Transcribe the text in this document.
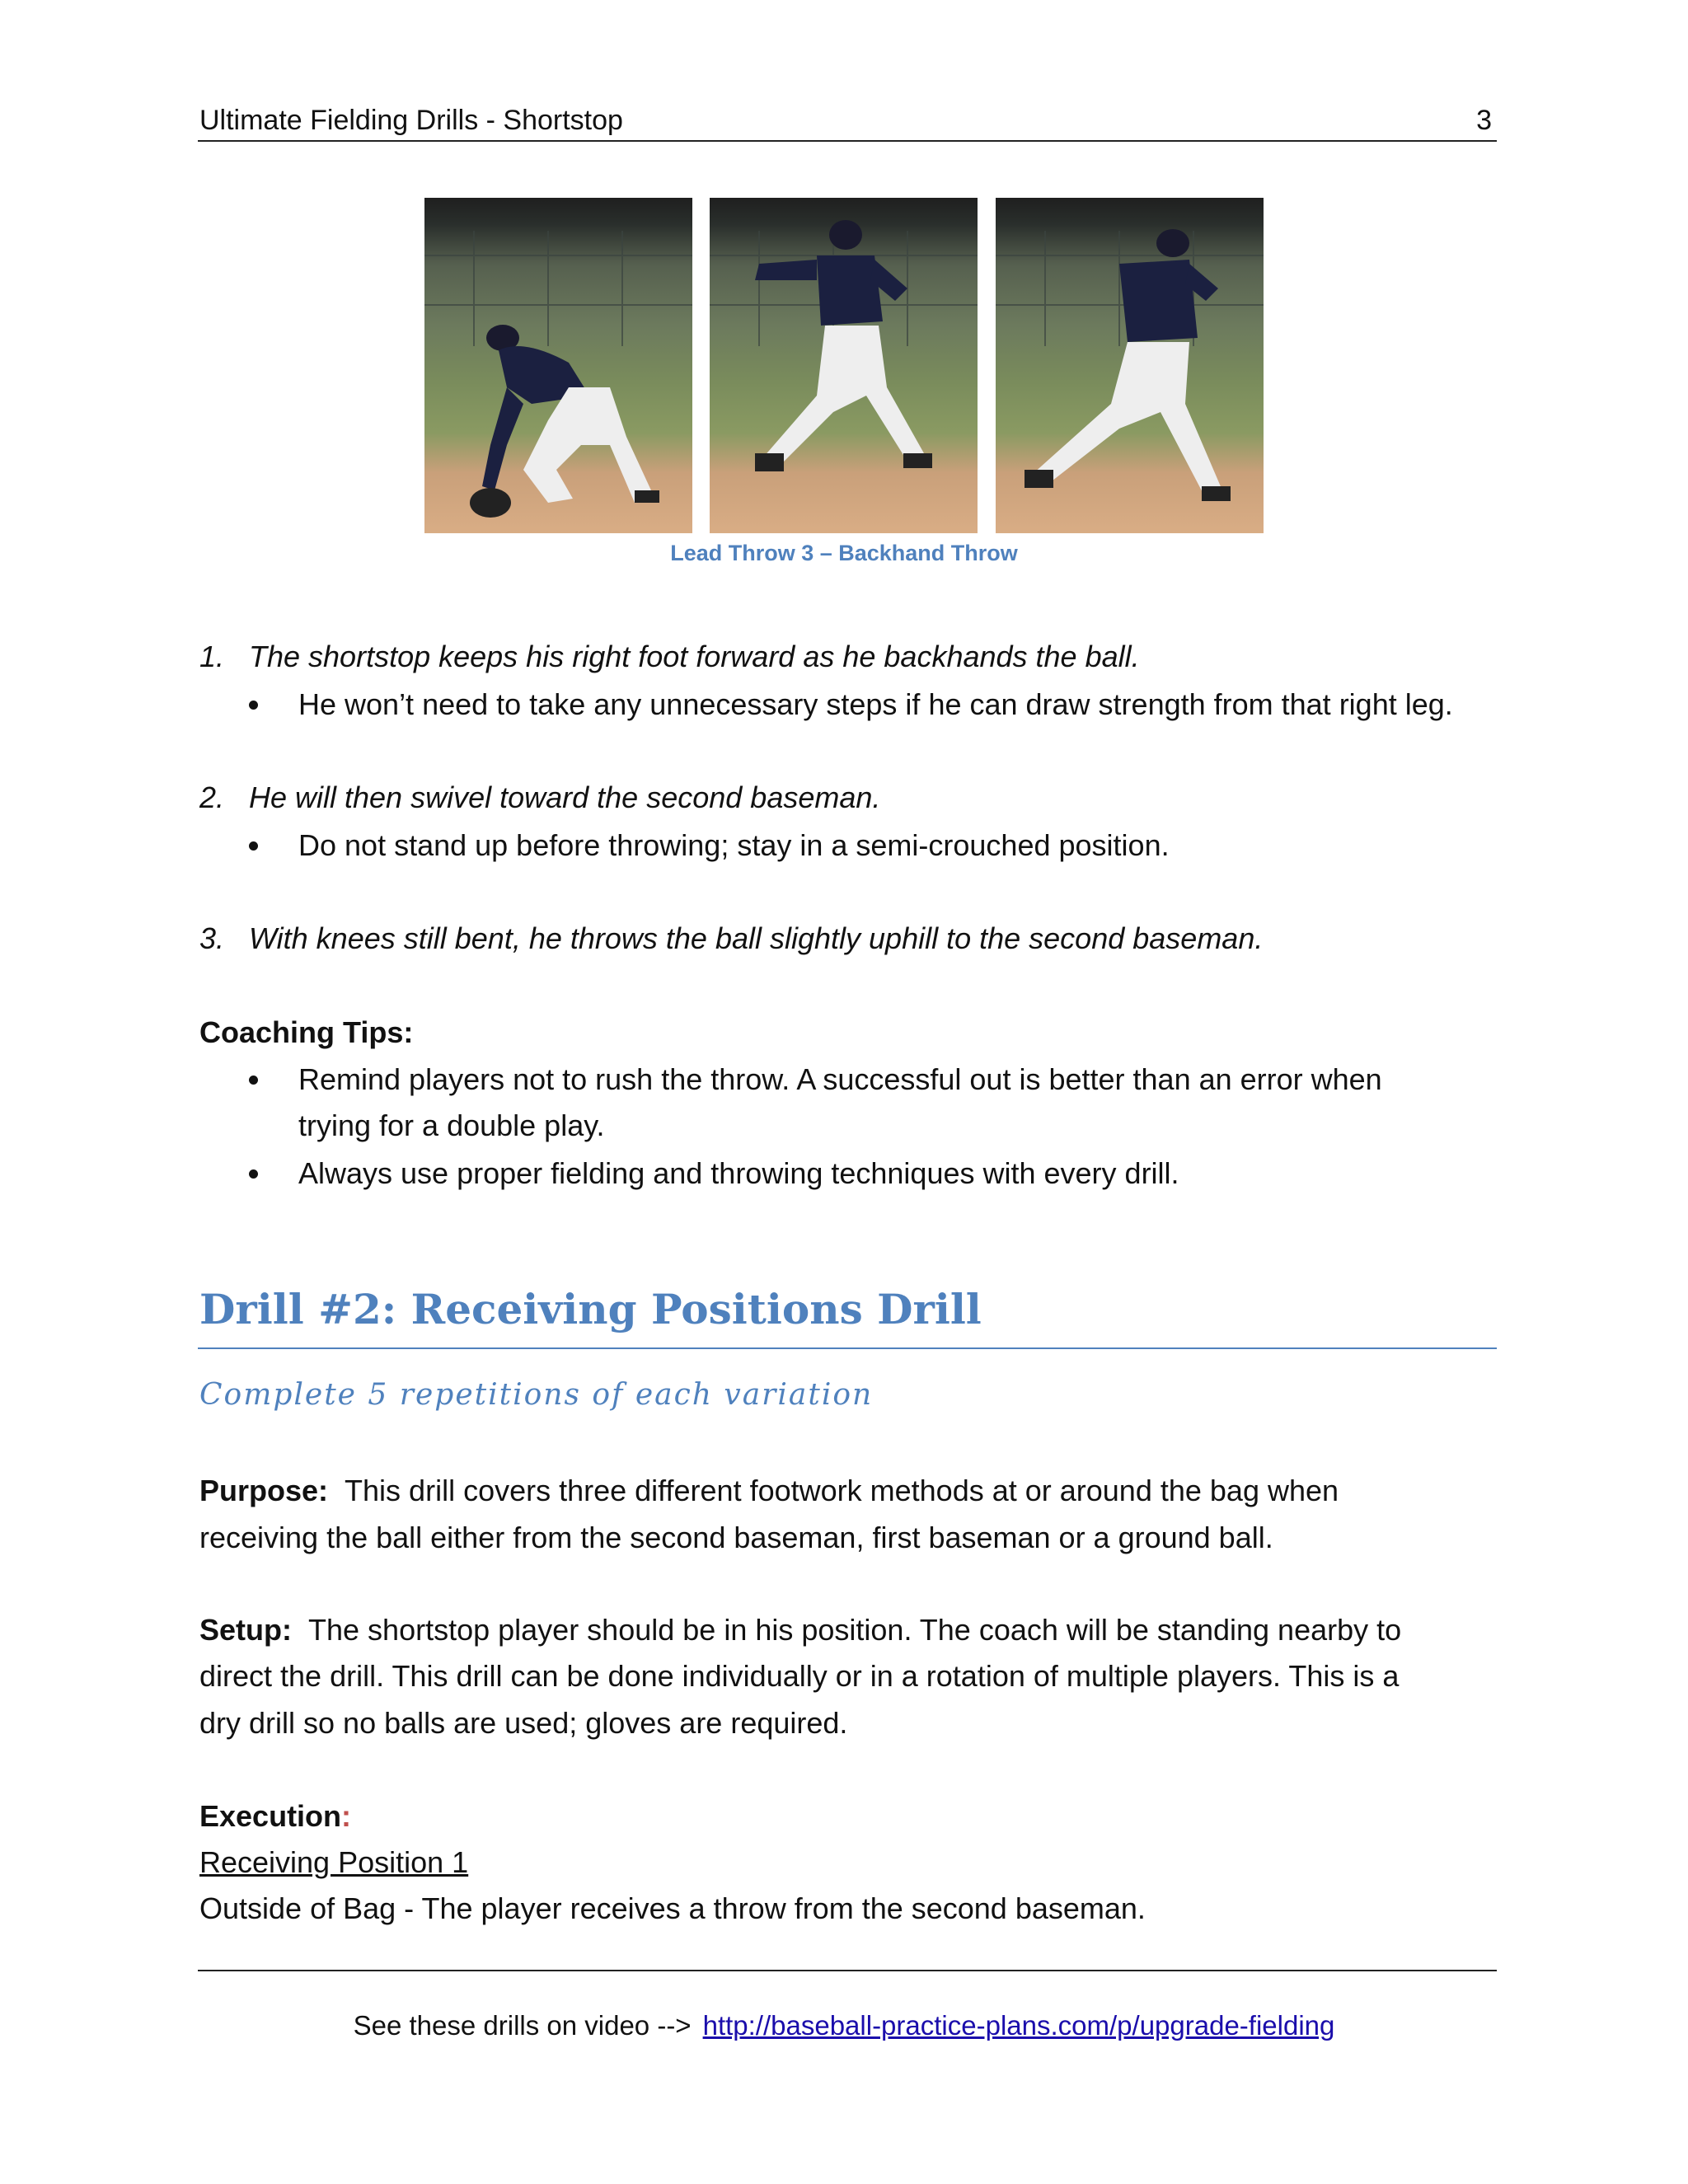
Ultimate Fielding Drills - Shortstop	3
Lead Throw 3 – Backhand Throw
1. The shortstop keeps his right foot forward as he backhands the ball.
He won’t need to take any unnecessary steps if he can draw strength from that right leg.
2. He will then swivel toward the second baseman.
Do not stand up before throwing; stay in a semi-crouched position.
3. With knees still bent, he throws the ball slightly uphill to the second baseman.
Coaching Tips:
Remind players not to rush the throw. A successful out is better than an error when
trying for a double play.
Always use proper fielding and throwing techniques with every drill.
Drill #2: Receiving Positions Drill
Complete 5 repetitions of each variation
Purpose: This drill covers three different footwork methods at or around the bag when
receiving the ball either from the second baseman, first baseman or a ground ball.
Setup: The shortstop player should be in his position. The coach will be standing nearby to
direct the drill. This drill can be done individually or in a rotation of multiple players. This is a
dry drill so no balls are used; gloves are required.
Execution:
Receiving Position 1
Outside of Bag - The player receives a throw from the second baseman.
See these drills on video --> http://baseball-practice-plans.com/p/upgrade-fielding
